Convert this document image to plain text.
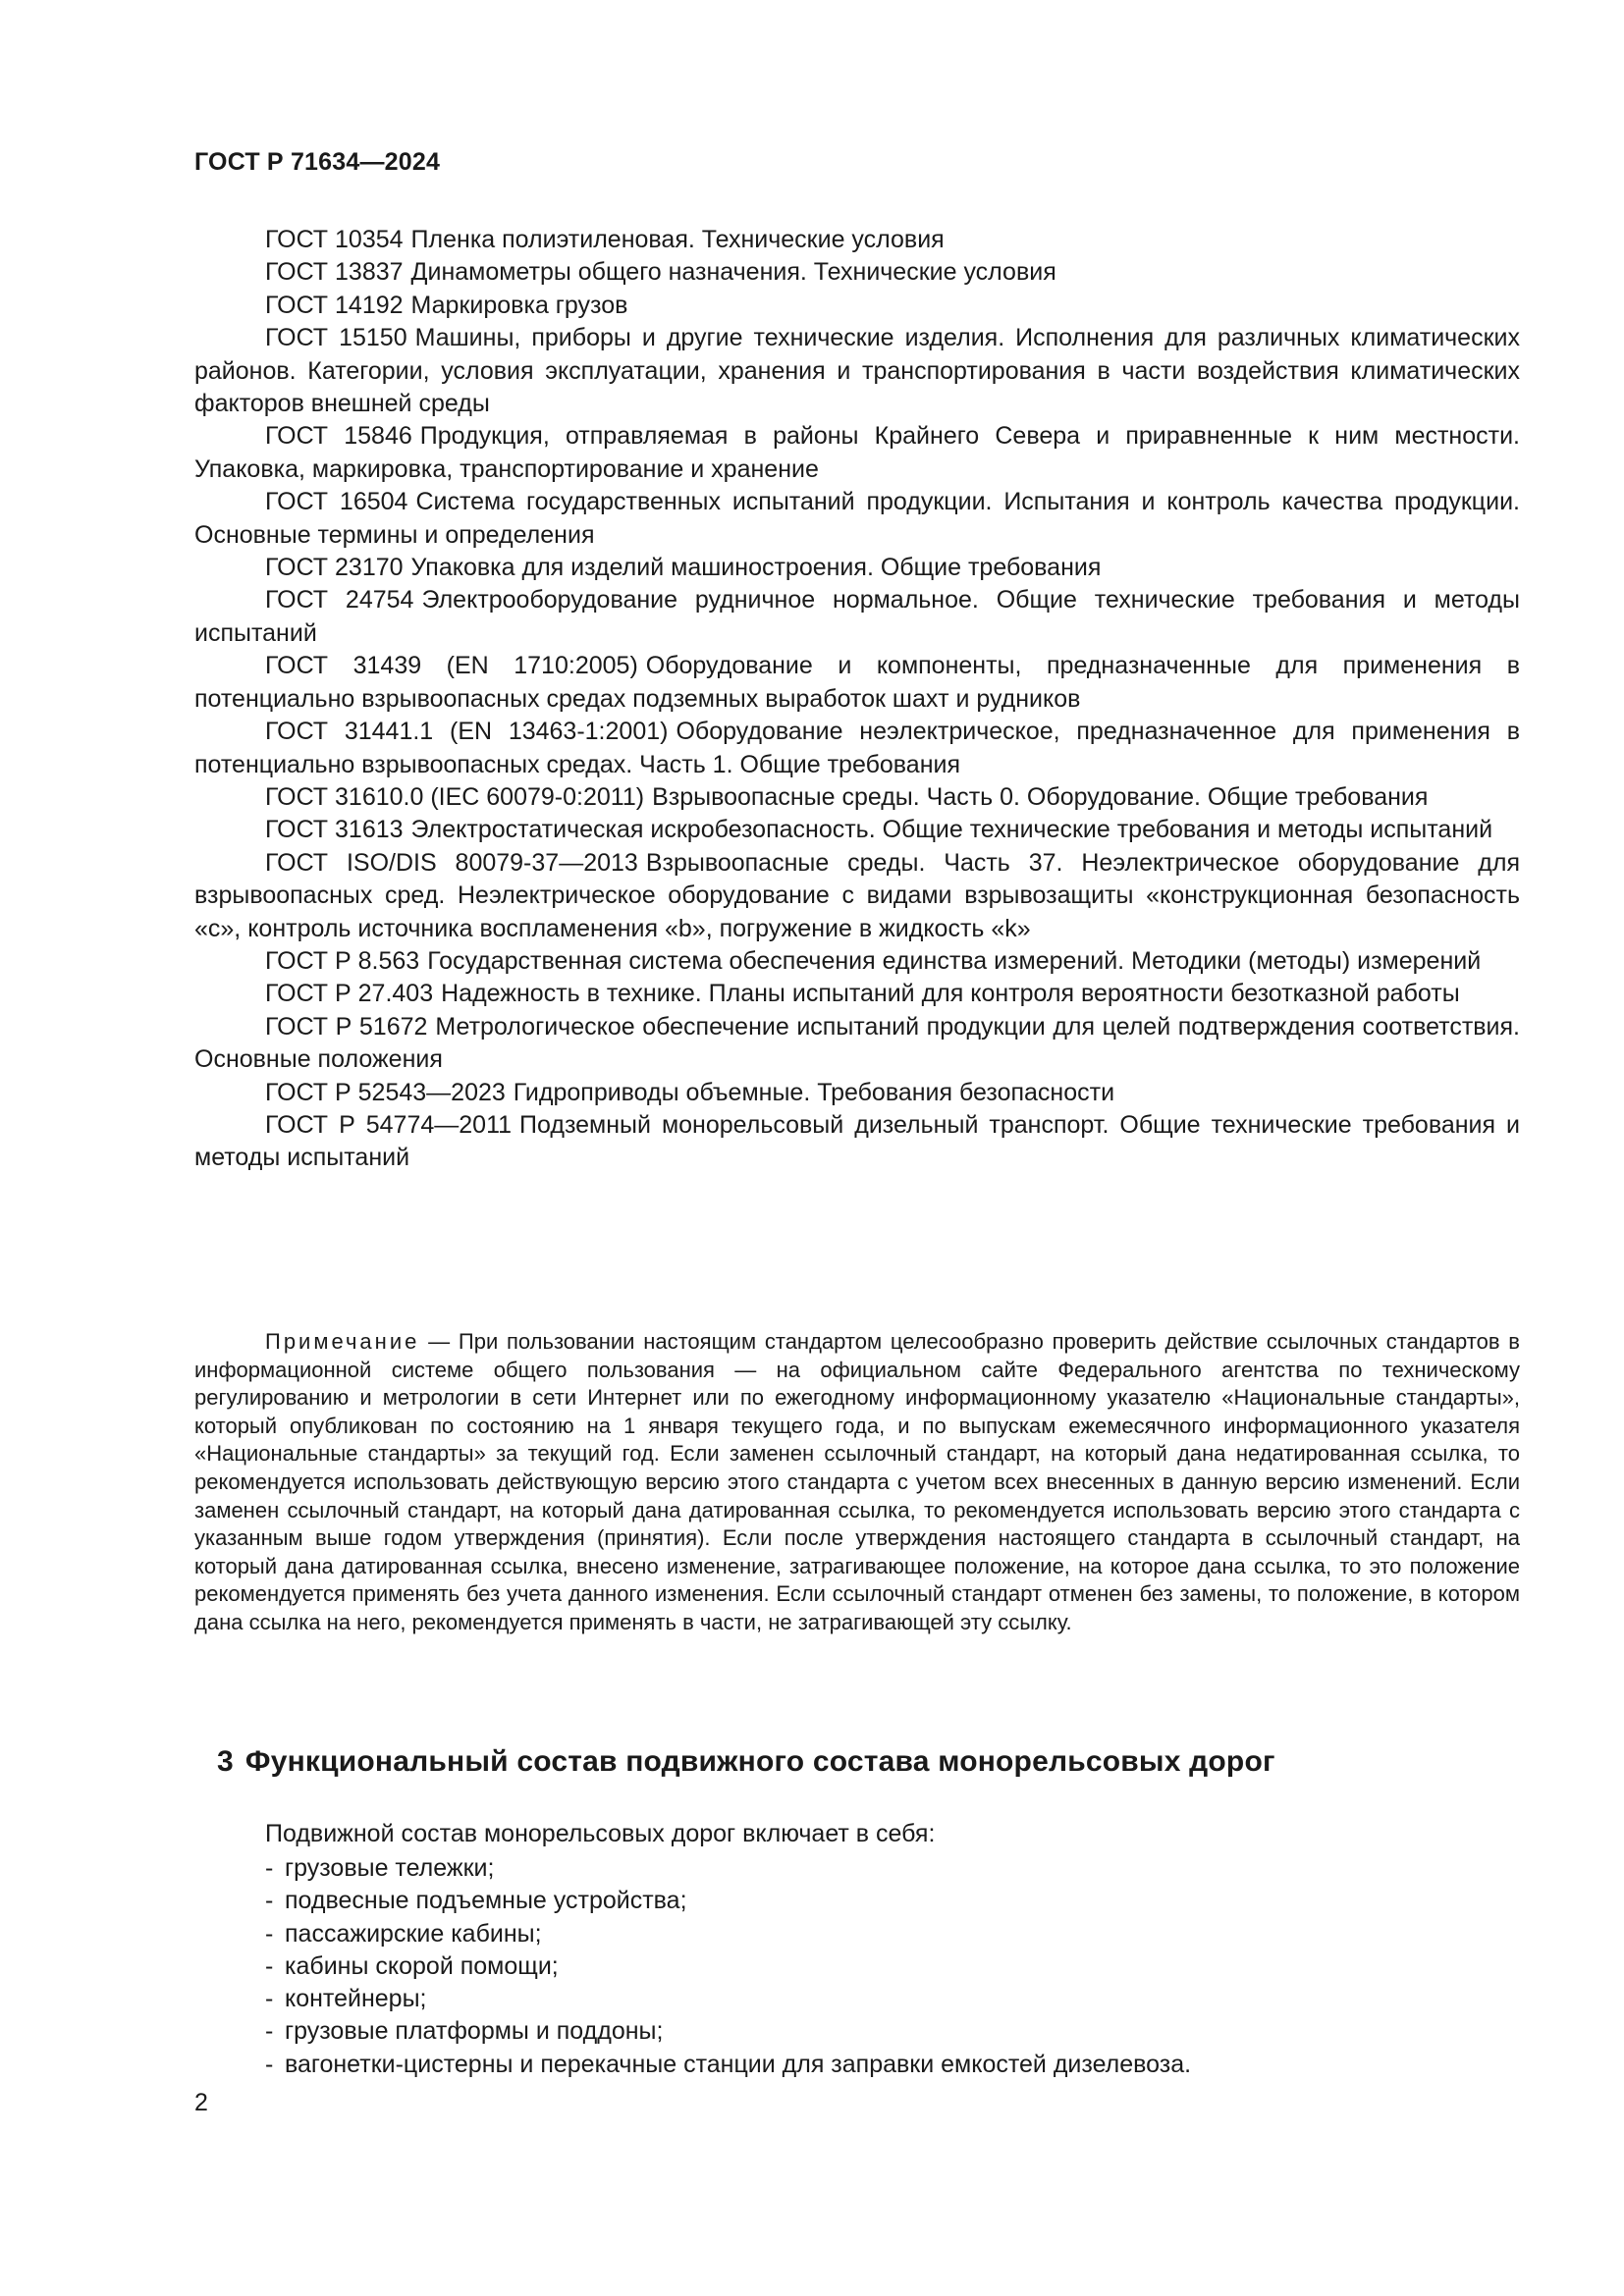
ГОСТ Р 71634—2024

ГОСТ 10354 Пленка полиэтиленовая. Технические условия

ГОСТ 13837 Динамометры общего назначения. Технические условия

ГОСТ 14192 Маркировка грузов

ГОСТ 15150 Машины, приборы и другие технические изделия. Исполнения для различных климатических районов. Категории, условия эксплуатации, хранения и транспортирования в части воздействия климатических факторов внешней среды

ГОСТ 15846 Продукция, отправляемая в районы Крайнего Севера и приравненные к ним местности. Упаковка, маркировка, транспортирование и хранение

ГОСТ 16504 Система государственных испытаний продукции. Испытания и контроль качества продукции. Основные термины и определения

ГОСТ 23170 Упаковка для изделий машиностроения. Общие требования

ГОСТ 24754 Электрооборудование рудничное нормальное. Общие технические требования и методы испытаний

ГОСТ 31439 (EN 1710:2005) Оборудование и компоненты, предназначенные для применения в потенциально взрывоопасных средах подземных выработок шахт и рудников

ГОСТ 31441.1 (EN 13463-1:2001) Оборудование неэлектрическое, предназначенное для применения в потенциально взрывоопасных средах. Часть 1. Общие требования

ГОСТ 31610.0 (IEC 60079-0:2011) Взрывоопасные среды. Часть 0. Оборудование. Общие требования

ГОСТ 31613 Электростатическая искробезопасность. Общие технические требования и методы испытаний

ГОСТ ISO/DIS 80079-37—2013 Взрывоопасные среды. Часть 37. Неэлектрическое оборудование для взрывоопасных сред. Неэлектрическое оборудование с видами взрывозащиты «конструкционная безопасность «c», контроль источника воспламенения «b», погружение в жидкость «k»

ГОСТ Р 8.563 Государственная система обеспечения единства измерений. Методики (методы) измерений

ГОСТ Р 27.403 Надежность в технике. Планы испытаний для контроля вероятности безотказной работы

ГОСТ Р 51672 Метрологическое обеспечение испытаний продукции для целей подтверждения соответствия. Основные положения

ГОСТ Р 52543—2023 Гидроприводы объемные. Требования безопасности

ГОСТ Р 54774—2011 Подземный монорельсовый дизельный транспорт. Общие технические требования и методы испытаний

Примечание — При пользовании настоящим стандартом целесообразно проверить действие ссылочных стандартов в информационной системе общего пользования — на официальном сайте Федерального агентства по техническому регулированию и метрологии в сети Интернет или по ежегодному информационному указателю «Национальные стандарты», который опубликован по состоянию на 1 января текущего года, и по выпускам ежемесячного информационного указателя «Национальные стандарты» за текущий год. Если заменен ссылочный стандарт, на который дана недатированная ссылка, то рекомендуется использовать действующую версию этого стандарта с учетом всех внесенных в данную версию изменений. Если заменен ссылочный стандарт, на который дана датированная ссылка, то рекомендуется использовать версию этого стандарта с указанным выше годом утверждения (принятия). Если после утверждения настоящего стандарта в ссылочный стандарт, на который дана датированная ссылка, внесено изменение, затрагивающее положение, на которое дана ссылка, то это положение рекомендуется применять без учета данного изменения. Если ссылочный стандарт отменен без замены, то положение, в котором дана ссылка на него, рекомендуется применять в части, не затрагивающей эту ссылку.

3 Функциональный состав подвижного состава монорельсовых дорог

Подвижной состав монорельсовых дорог включает в себя:

- грузовые тележки;
- подвесные подъемные устройства;
- пассажирские кабины;
- кабины скорой помощи;
- контейнеры;
- грузовые платформы и поддоны;
- вагонетки-цистерны и перекачные станции для заправки емкостей дизелевоза.
2
